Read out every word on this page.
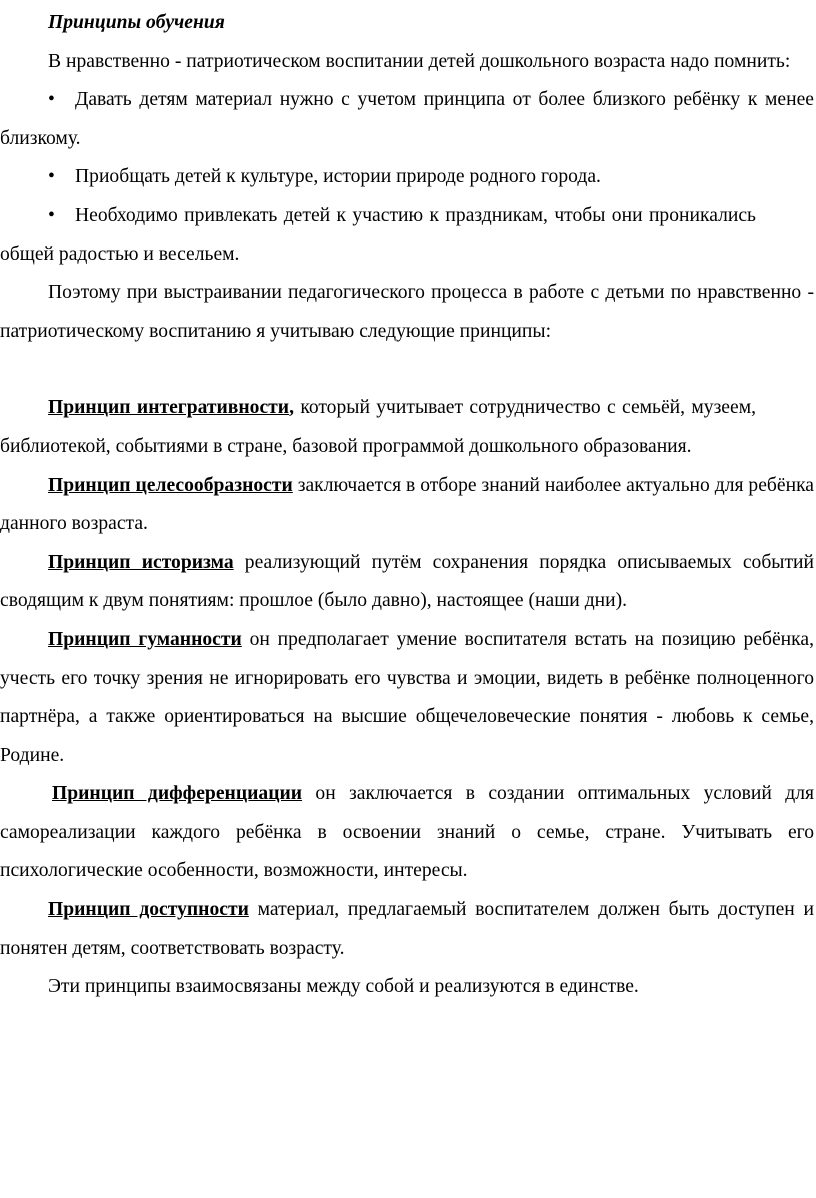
Принципы обучения

В нравственно - патриотическом воспитании детей дошкольного возраста надо помнить:

• Давать детям материал нужно с учетом принципа от более близкого ребёнку к менее близкому.

• Приобщать детей к культуре, истории природе родного города.

• Необходимо привлекать детей к участию к праздникам, чтобы они проникались общей радостью и весельем.

Поэтому при выстраивании педагогического процесса в работе с детьми по нравственно - патриотическому воспитанию я учитываю следующие принципы:

Принцип интегративности, который учитывает сотрудничество с семьёй, музеем, библиотекой, событиями в стране, базовой программой дошкольного образования.

Принцип целесообразности заключается в отборе знаний наиболее актуально для ребёнка данного возраста.

Принцип историзма реализующий путём сохранения порядка описываемых событий сводящим к двум понятиям: прошлое (было давно), настоящее (наши дни).

Принцип гуманности он предполагает умение воспитателя встать на позицию ребёнка, учесть его точку зрения не игнорировать его чувства и эмоции, видеть в ребёнке полноценного партнёра, а также ориентироваться на высшие общечеловеческие понятия - любовь к семье, Родине.

Принцип дифференциации он заключается в создании оптимальных условий для самореализации каждого ребёнка в освоении знаний о семье, стране. Учитывать его психологические особенности, возможности, интересы.

Принцип доступности материал, предлагаемый воспитателем должен быть доступен и понятен детям, соответствовать возрасту.

Эти принципы взаимосвязаны между собой и реализуются в единстве.
